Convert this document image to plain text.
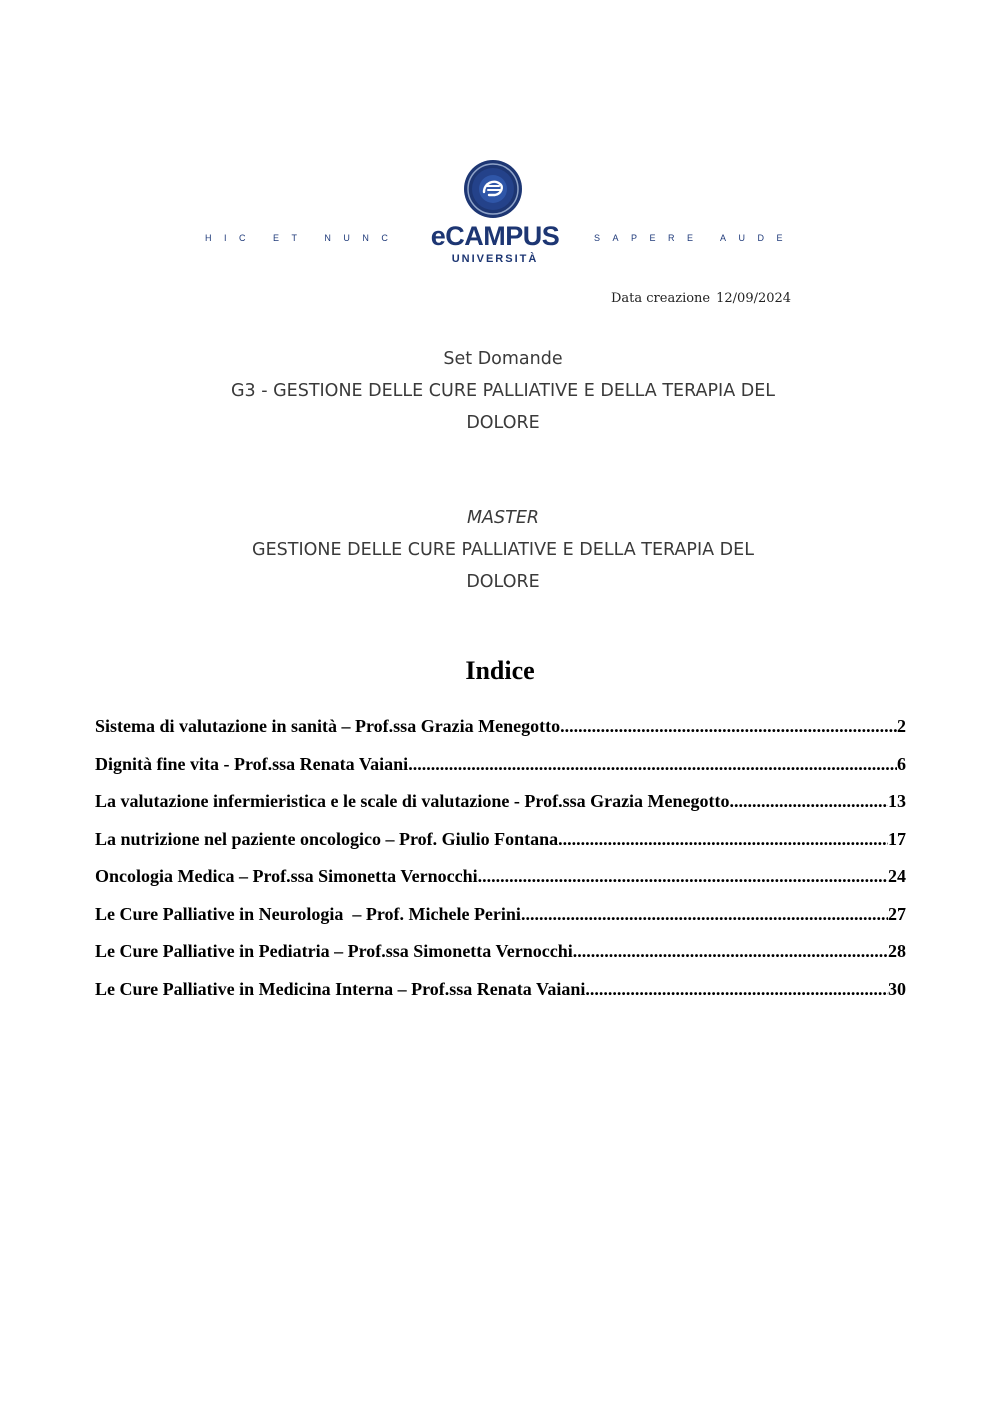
HIC ET NUNC	eCAMPUS
UNIVERSITÀ
SAPERE AUDE
Data creazione 12/09/2024
Set Domande
G3 - GESTIONE DELLE CURE PALLIATIVE E DELLA TERAPIA DEL
DOLORE
MASTER
GESTIONE DELLE CURE PALLIATIVE E DELLA TERAPIA DEL
DOLORE
Indice
Sistema di valutazione in sanità – Prof.ssa Grazia Menegotto .....	2
Dignità fine vita - Prof.ssa Renata Vaiani .....	6
La valutazione infermieristica e le scale di valutazione - Prof.ssa Grazia Menegotto .....	13
La nutrizione nel paziente oncologico – Prof. Giulio Fontana .....	17
Oncologia Medica – Prof.ssa Simonetta Vernocchi .....	24
Le Cure Palliative in Neurologia  – Prof. Michele Perini .....	27
Le Cure Palliative in Pediatria – Prof.ssa Simonetta Vernocchi .....	28
Le Cure Palliative in Medicina Interna – Prof.ssa Renata Vaiani .....	30
